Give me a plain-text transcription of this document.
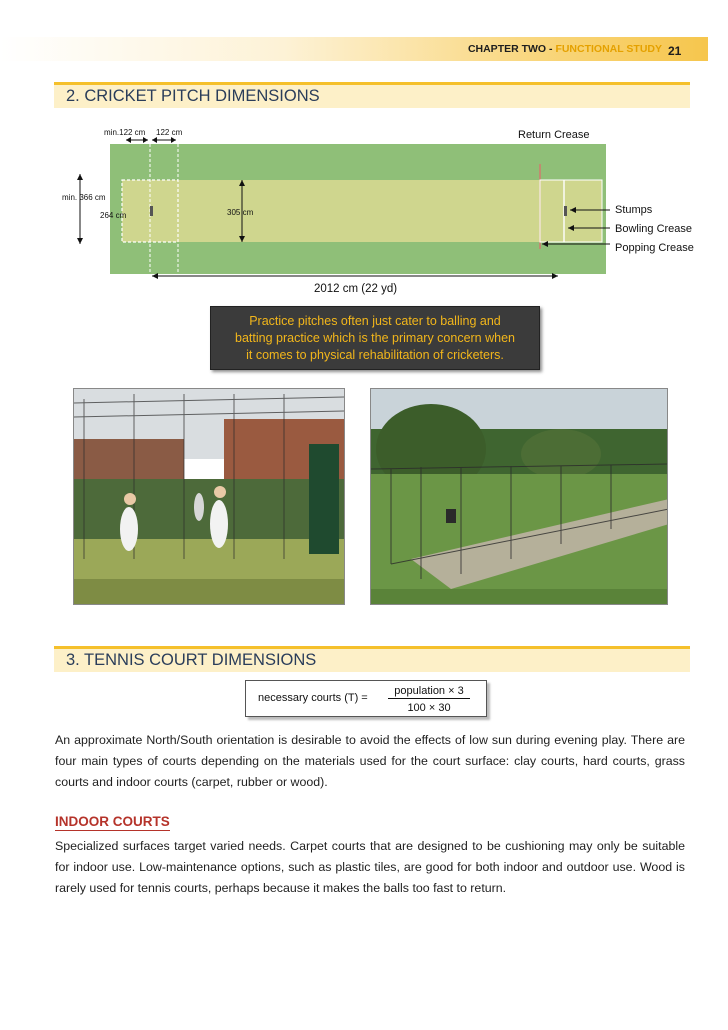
CHAPTER TWO - FUNCTIONAL STUDY 21
2. CRICKET PITCH DIMENSIONS
min.122 cm 122 cm
min. 366 cm
264 cm	305 cm
Return Crease
Stumps
Bowling Crease
Popping Crease
2012 cm (22 yd)
Practice pitches often just cater to balling and
batting practice which is the primary concern when
it comes to physical rehabilitation of cricketers.
3. TENNIS COURT DIMENSIONS
necessary courts (T) =
population × 3
100 × 30

An approximate North/South orientation is desirable to avoid the effects of low sun during evening play. There are four main types of courts depending on the materials used for the court surface: clay courts, hard courts, grass courts and indoor courts (carpet, rubber or wood).

INDOOR COURTS

Specialized surfaces target varied needs. Carpet courts that are designed to be cushioning may only be suitable for indoor use. Low-maintenance options, such as plastic tiles, are good for both indoor and outdoor use. Wood is rarely used for tennis courts, perhaps because it makes the balls too fast to return.
